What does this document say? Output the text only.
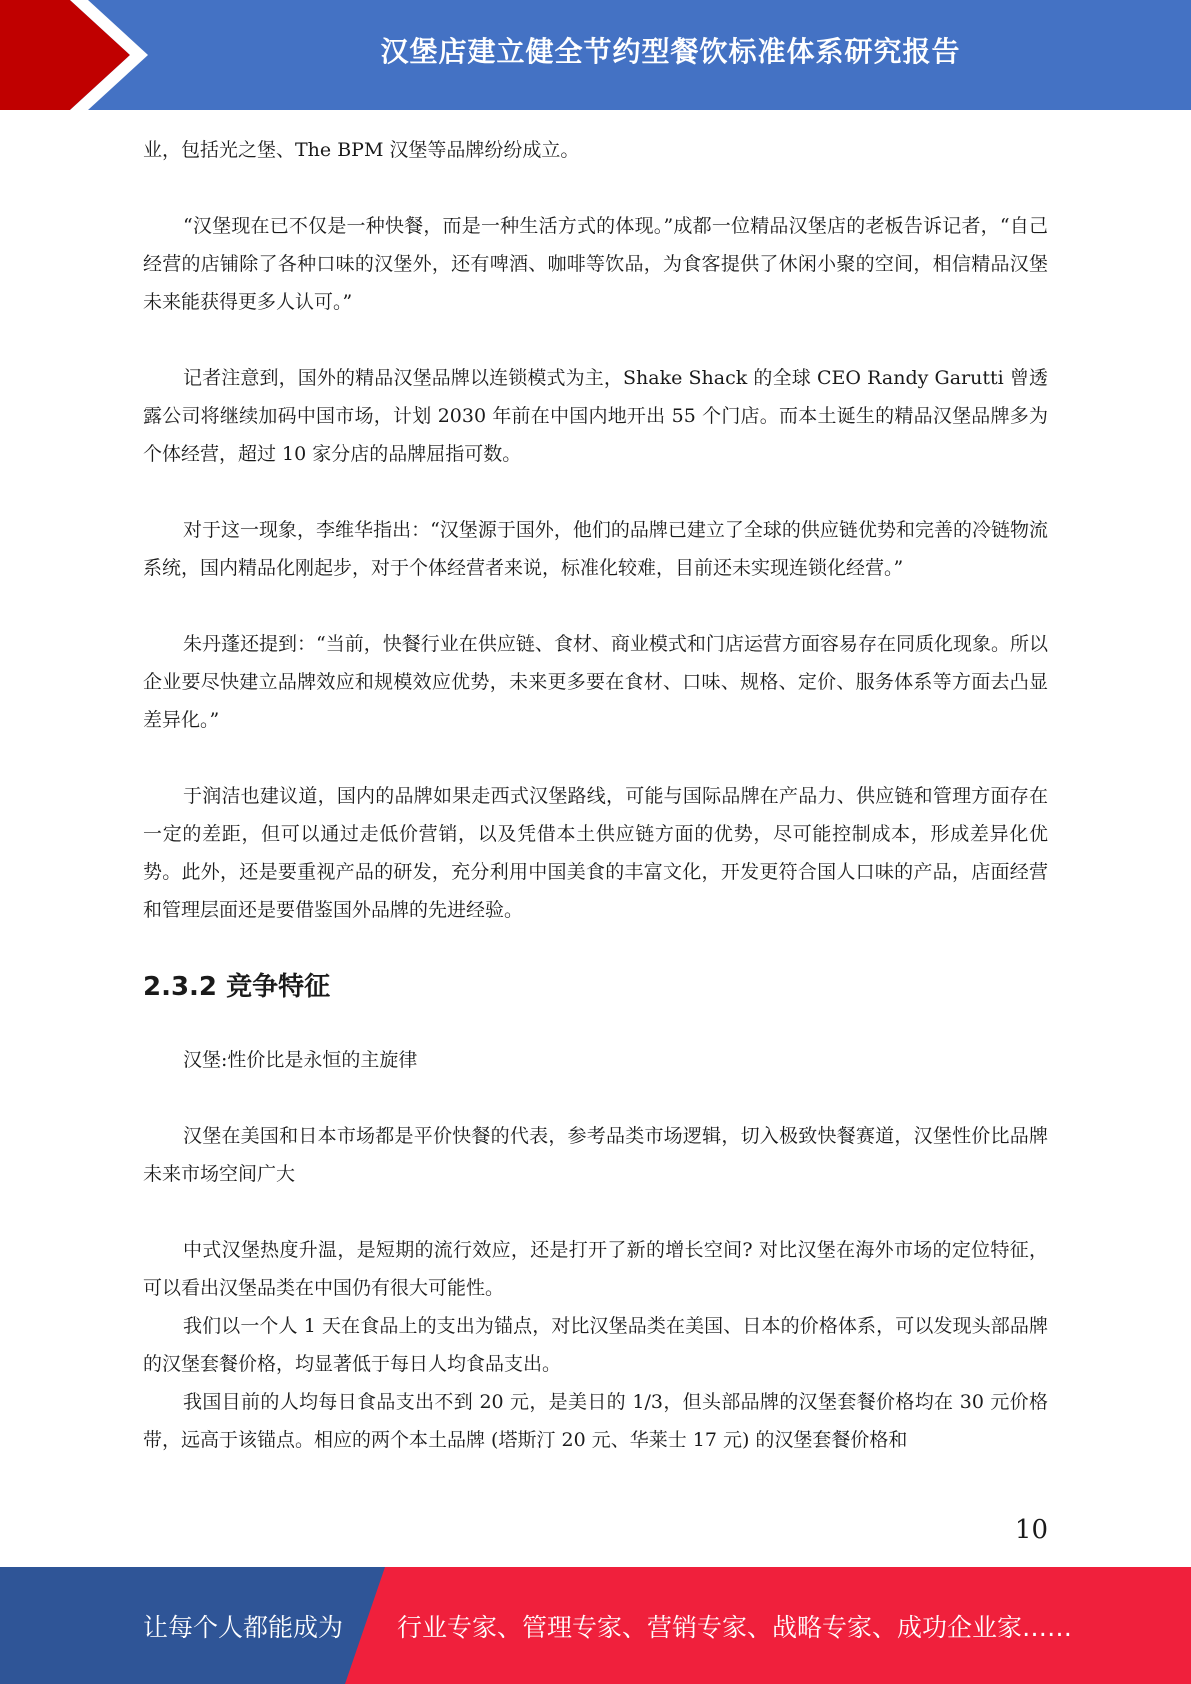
汉堡店建立健全节约型餐饮标准体系研究报告

业，包括光之堡、The BPM 汉堡等品牌纷纷成立。

“汉堡现在已不仅是一种快餐，而是一种生活方式的体现。”成都一位精品汉堡店的老板告诉记者，“自己经营的店铺除了各种口味的汉堡外，还有啤酒、咖啡等饮品，为食客提供了休闲小聚的空间，相信精品汉堡未来能获得更多人认可。”

记者注意到，国外的精品汉堡品牌以连锁模式为主，Shake Shack 的全球 CEO Randy Garutti 曾透露公司将继续加码中国市场，计划 2030 年前在中国内地开出 55 个门店。而本土诞生的精品汉堡品牌多为个体经营，超过 10 家分店的品牌屈指可数。

对于这一现象，李维华指出：“汉堡源于国外，他们的品牌已建立了全球的供应链优势和完善的冷链物流系统，国内精品化刚起步，对于个体经营者来说，标准化较难，目前还未实现连锁化经营。”

朱丹蓬还提到：“当前，快餐行业在供应链、食材、商业模式和门店运营方面容易存在同质化现象。所以企业要尽快建立品牌效应和规模效应优势，未来更多要在食材、口味、规格、定价、服务体系等方面去凸显差异化。”

于润洁也建议道，国内的品牌如果走西式汉堡路线，可能与国际品牌在产品力、供应链和管理方面存在一定的差距，但可以通过走低价营销，以及凭借本土供应链方面的优势，尽可能控制成本，形成差异化优势。此外，还是要重视产品的研发，充分利用中国美食的丰富文化，开发更符合国人口味的产品，店面经营和管理层面还是要借鉴国外品牌的先进经验。

2.3.2 竞争特征

汉堡:性价比是永恒的主旋律

汉堡在美国和日本市场都是平价快餐的代表，参考品类市场逻辑，切入极致快餐赛道，汉堡性价比品牌未来市场空间广大

中式汉堡热度升温，是短期的流行效应，还是打开了新的增长空间? 对比汉堡在海外市场的定位特征，可以看出汉堡品类在中国仍有很大可能性。

我们以一个人 1 天在食品上的支出为锚点，对比汉堡品类在美国、日本的价格体系，可以发现头部品牌的汉堡套餐价格，均显著低于每日人均食品支出。

我国目前的人均每日食品支出不到 20 元，是美日的 1/3，但头部品牌的汉堡套餐价格均在 30 元价格带，远高于该锚点。相应的两个本土品牌 (塔斯汀 20 元、华莱士 17 元) 的汉堡套餐价格和

10
让每个人都能成为 行业专家、管理专家、营销专家、战略专家、成功企业家……
